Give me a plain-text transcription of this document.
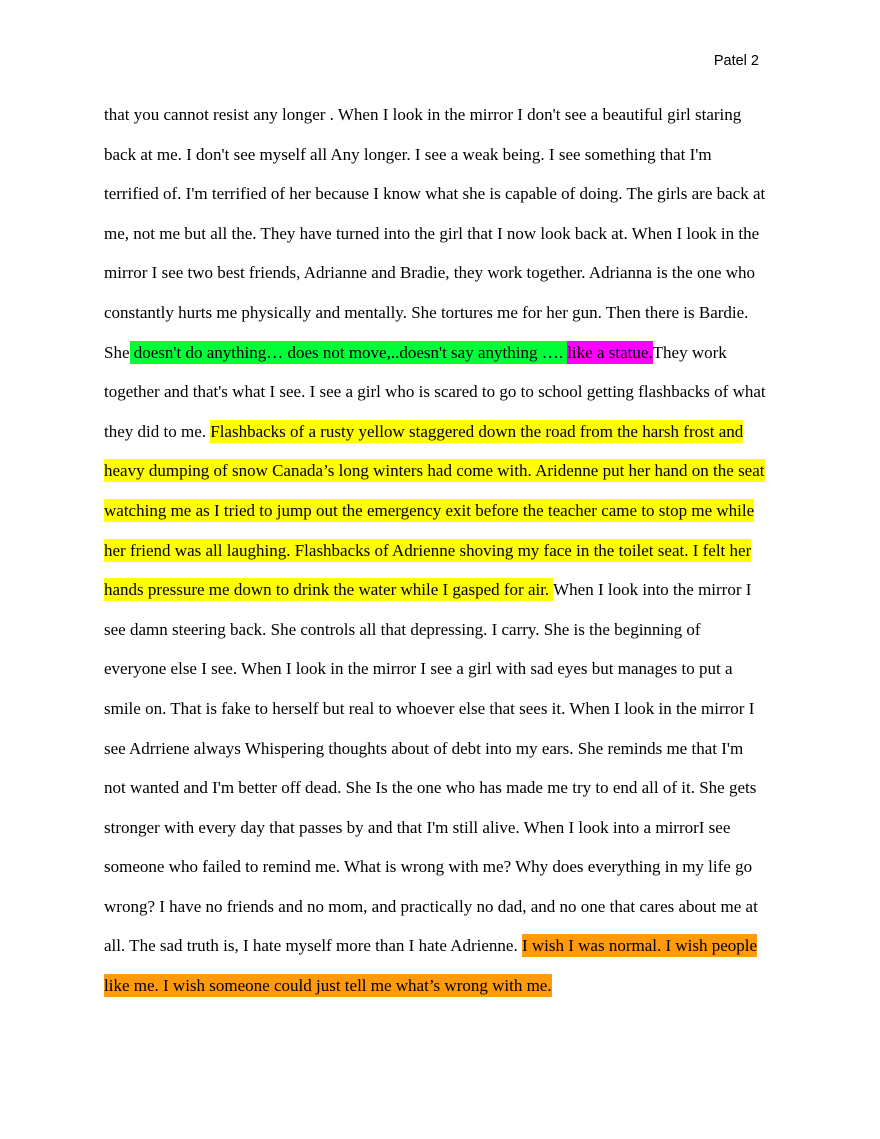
Patel 2
that you cannot resist any longer . When I look in the mirror I don't see a beautiful girl staring
back at me. I don't see myself all Any longer. I see a weak being. I see something that I'm
terrified of. I'm terrified of her because I know what she is capable of doing. The girls are back at
me, not me but all the. They have turned into the girl that I now look back at. When I look in the
mirror I see two best friends, Adrianne and Bradie, they work together. Adrianna is the one who
constantly hurts me physically and mentally. She tortures me for her gun. Then there is Bardie.
She doesn't do anything… does not move,..doesn't say anything …. like a statue.They work
together and that's what I see. I see a girl who is scared to go to school getting flashbacks of what
they did to me. Flashbacks of a rusty yellow staggered down the road from the harsh frost and
heavy dumping of snow Canada’s long winters had come with. Aridenne put her hand on the seat
watching me as I tried to jump out the emergency exit before the teacher came to stop me while
her friend was all laughing. Flashbacks of Adrienne shoving my face in the toilet seat. I felt her
hands pressure me down to drink the water while I gasped for air. When I look into the mirror I
see damn steering back. She controls all that depressing. I carry. She is the beginning of
everyone else I see. When I look in the mirror I see a girl with sad eyes but manages to put a
smile on. That is fake to herself but real to whoever else that sees it. When I look in the mirror I
see Adrriene always Whispering thoughts about of debt into my ears. She reminds me that I'm
not wanted and I'm better off dead. She Is the one who has made me try to end all of it. She gets
stronger with every day that passes by and that I'm still alive. When I look into a mirrorI see
someone who failed to remind me. What is wrong with me? Why does everything in my life go
wrong? I have no friends and no mom, and practically no dad, and no one that cares about me at
all. The sad truth is, I hate myself more than I hate Adrienne. I wish I was normal. I wish people
like me. I wish someone could just tell me what’s wrong with me.
